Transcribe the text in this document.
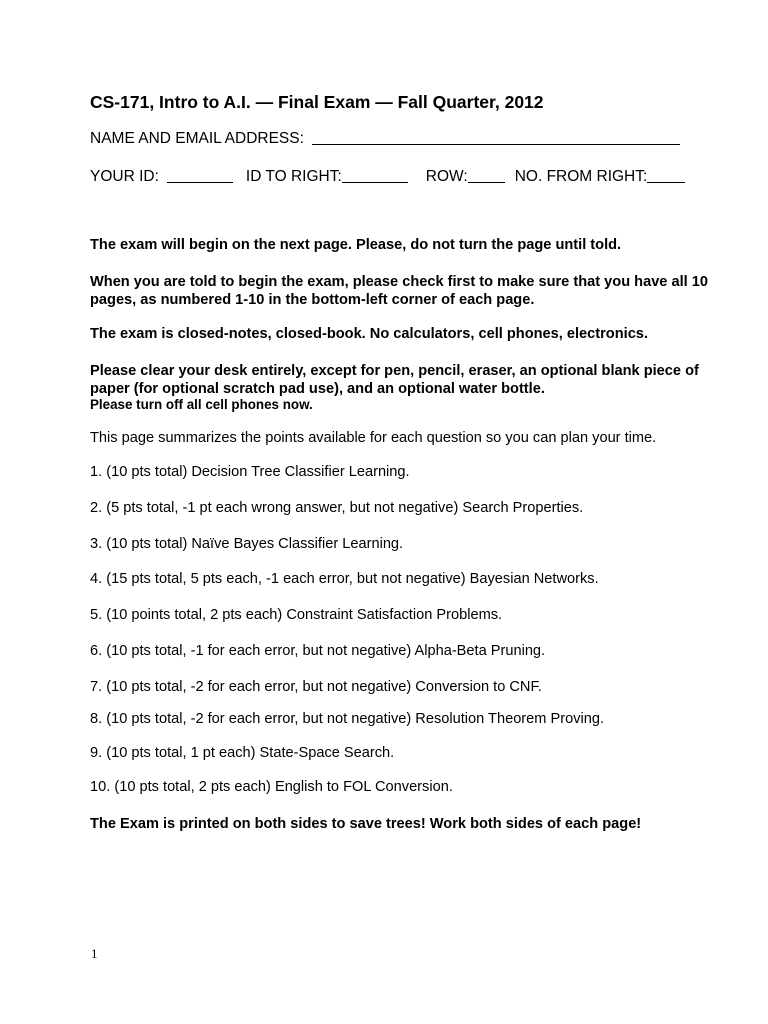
CS-171, Intro to A.I. — Final Exam — Fall Quarter, 2012
NAME AND EMAIL ADDRESS:
YOUR ID:	ID TO RIGHT:	ROW:	NO. FROM RIGHT:
The exam will begin on the next page. Please, do not turn the page until told.
When you are told to begin the exam, please check first to make sure that you have all 10 pages, as numbered 1-10 in the bottom-left corner of each page.
The exam is closed-notes, closed-book. No calculators, cell phones, electronics.
Please clear your desk entirely, except for pen, pencil, eraser, an optional blank piece of paper (for optional scratch pad use), and an optional water bottle.
Please turn off all cell phones now.
This page summarizes the points available for each question so you can plan your time.
1. (10 pts total) Decision Tree Classifier Learning.
2. (5 pts total, -1 pt each wrong answer, but not negative) Search Properties.
3. (10 pts total) Naïve Bayes Classifier Learning.
4. (15 pts total, 5 pts each, -1 each error, but not negative) Bayesian Networks.
5. (10 points total, 2 pts each) Constraint Satisfaction Problems.
6. (10 pts total, -1 for each error, but not negative) Alpha-Beta Pruning.
7. (10 pts total, -2 for each error, but not negative) Conversion to CNF.
8. (10 pts total, -2 for each error, but not negative) Resolution Theorem Proving.
9. (10 pts total, 1 pt each) State-Space Search.
10. (10 pts total, 2 pts each) English to FOL Conversion.
The Exam is printed on both sides to save trees! Work both sides of each page!
1
